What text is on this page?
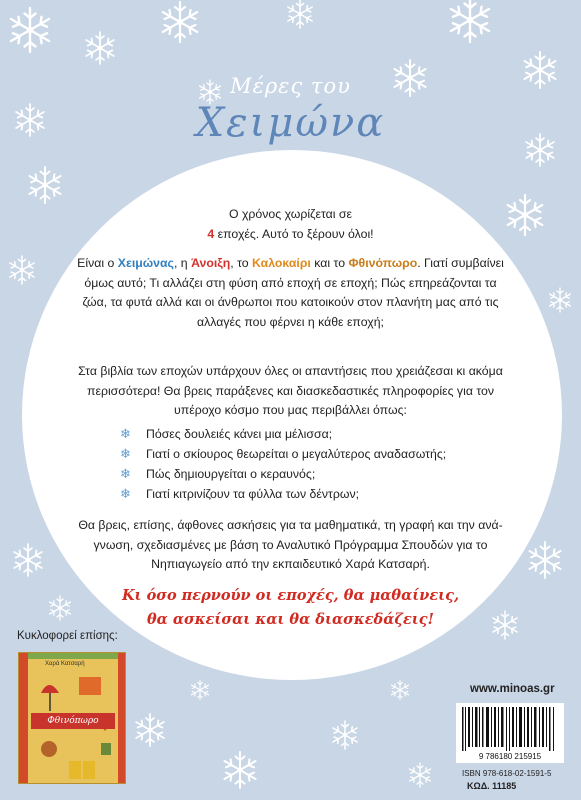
Μέρες του
Χειμώνα
Ο χρόνος χωρίζεται σε
4 εποχές. Αυτό το ξέρουν όλοι!
Είναι ο Χειμώνας, η Άνοιξη, το Καλοκαίρι και το Φθινόπωρο. Γιατί συμβαίνει όμως αυτό; Τι αλλάζει στη φύση από εποχή σε εποχή; Πώς επηρεάζονται τα ζώα, τα φυτά αλλά και οι άνθρωποι που κατοικούν στον πλανήτη μας από τις αλλαγές που φέρνει η κάθε εποχή;
Στα βιβλία των εποχών υπάρχουν όλες οι απαντήσεις που χρειάζεσαι κι ακόμα περισσότερα! Θα βρεις παράξενες και διασκεδαστικές πληροφορίες για τον υπέροχο κόσμο που μας περιβάλλει όπως:
❄	Πόσες δουλειές κάνει μια μέλισσα;
❄	Γιατί ο σκίουρος θεωρείται ο μεγαλύτερος αναδασωτής;
❄	Πώς δημιουργείται ο κεραυνός;
❄	Γιατί κιτρινίζουν τα φύλλα των δέντρων;
Θα βρεις, επίσης, άφθονες ασκήσεις για τα μαθηματικά, τη γραφή και την ανά-γνωση, σχεδιασμένες με βάση το Αναλυτικό Πρόγραμμα Σπουδών για το Νηπιαγωγείο από την εκπαιδευτικό Χαρά Κατσαρή.
Κι όσο περνούν οι εποχές, θα μαθαίνεις,
θα ασκείσαι και θα διασκεδάζεις!
Κυκλοφορεί επίσης:
Χαρά Κατσαρή
Φθινόπωρο
www.minoas.gr
9 786180 215915
ISBN 978-618-02-1591-5
ΚΩΔ. 11185
